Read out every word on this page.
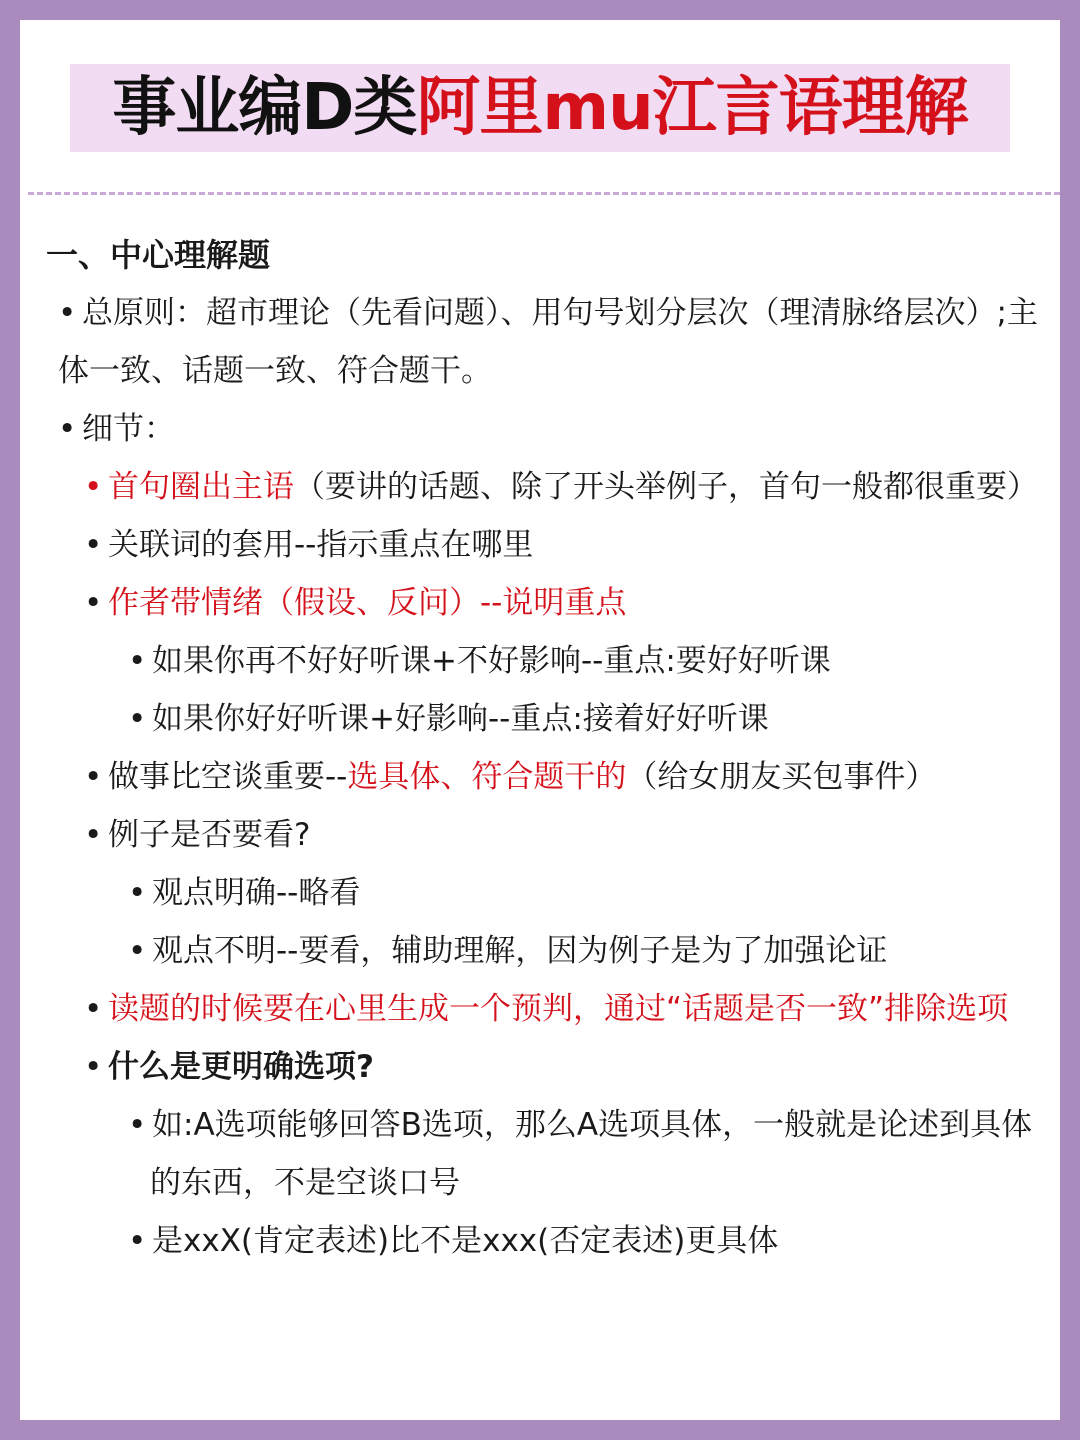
事业编D类 阿里mu江言语理解

一、中心理解题

• 总原则：超市理论（先看问题）、用句号划分层次（理清脉络层次）;主体一致、话题一致、符合题干。

• 细节：

• 首句圈出主语（要讲的话题、除了开头举例子，首句一般都很重要）

• 关联词的套用--指示重点在哪里

• 作者带情绪（假设、反问）--说明重点

• 如果你再不好好听课+不好影响--重点:要好好听课

• 如果你好好听课+好影响--重点:接着好好听课

• 做事比空谈重要--选具体、符合题干的（给女朋友买包事件）

• 例子是否要看?

• 观点明确--略看

• 观点不明--要看，辅助理解，因为例子是为了加强论证

• 读题的时候要在心里生成一个预判，通过“话题是否一致”排除选项

• 什么是更明确选项?

• 如:A选项能够回答B选项，那么A选项具体，一般就是论述到具体的东西，不是空谈口号

• 是xxX(肯定表述)比不是xxx(否定表述)更具体
